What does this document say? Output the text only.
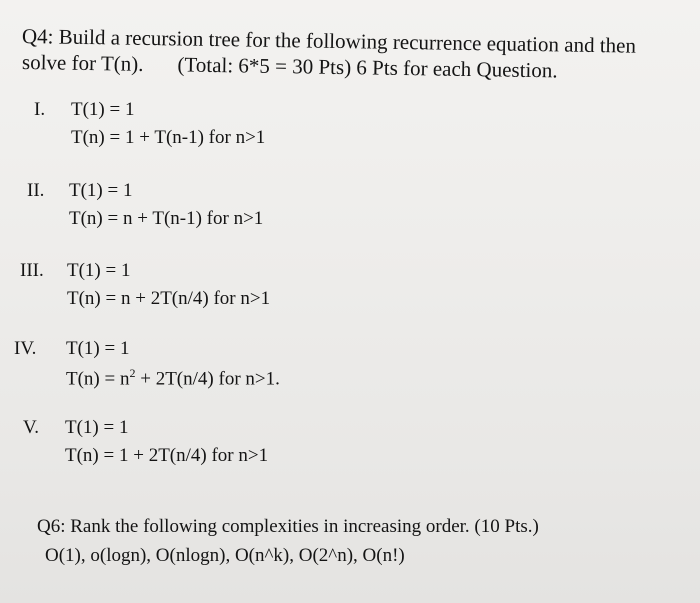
Q4: Build a recursion tree for the following recurrence equation and then
solve for T(n). (Total: 6*5 = 30 Pts) 6 Pts for each Question.
I. T(1) = 1
T(n) = 1 + T(n-1) for n>1
II. T(1) = 1
T(n) = n + T(n-1) for n>1
III. T(1) = 1
T(n) = n + 2T(n/4) for n>1
IV. T(1) = 1
$T(n) = n^2 + 2T(n/4)$ for n>1.
V. T(1) = 1
T(n) = 1 + 2T(n/4) for n>1
Q6: Rank the following complexities in increasing order. (10 Pts.)
O(1), o(logn), O(nlogn), O(n^k), O(2^n), O(n!)
